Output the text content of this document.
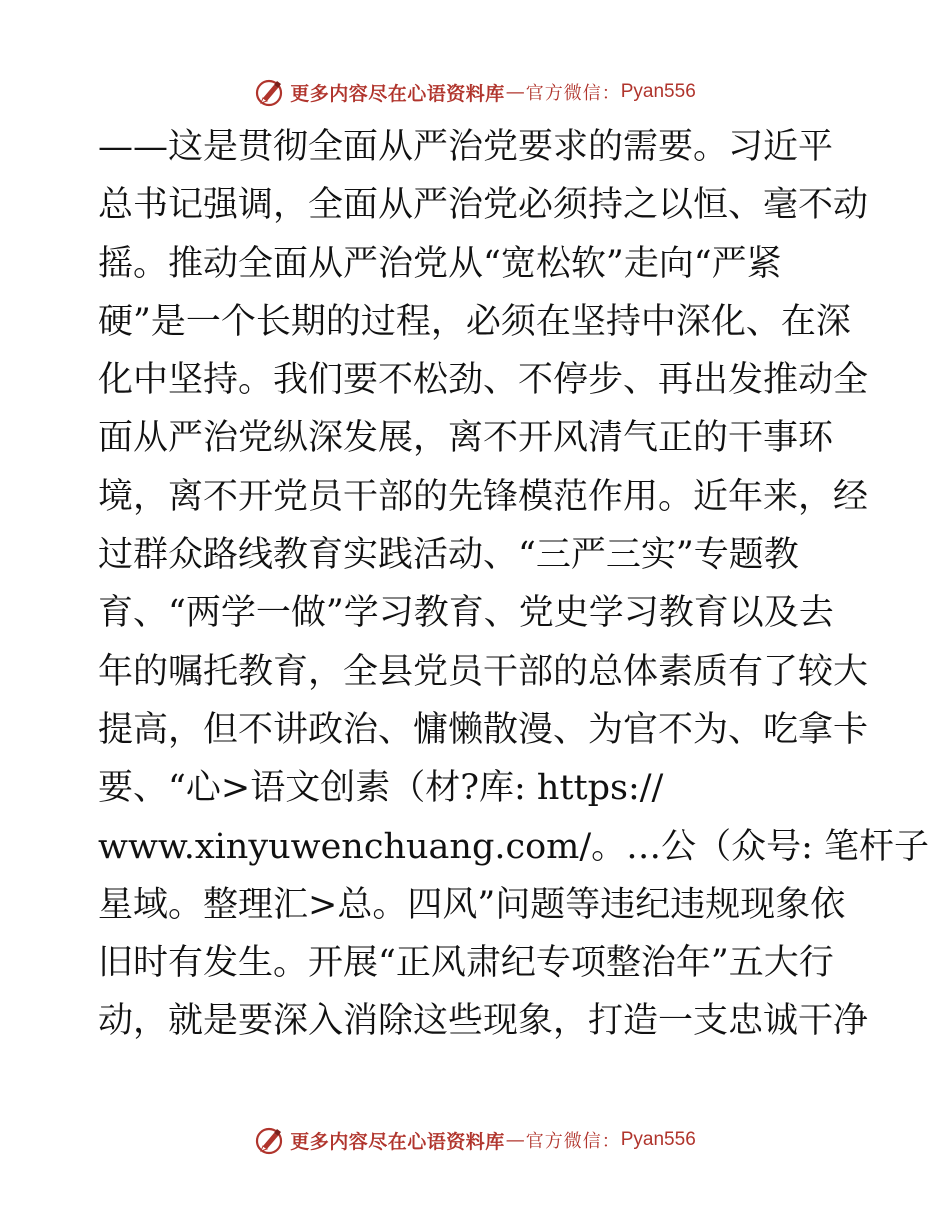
更多内容尽在心语资料库 — 官方微信： Pyan556
——这是贯彻全面从严治党要求的需要。习近平
总书记强调，全面从严治党必须持之以恒、毫不动
摇。推动全面从严治党从“宽松软”走向“严紧
硬”是一个长期的过程，必须在坚持中深化、在深
化中坚持。我们要不松劲、不停步、再出发推动全
面从严治党纵深发展，离不开风清气正的干事环
境，离不开党员干部的先锋模范作用。近年来，经
过群众路线教育实践活动、“三严三实”专题教
育、“两学一做”学习教育、党史学习教育以及去
年的嘱托教育，全县党员干部的总体素质有了较大
提高，但不讲政治、慵懒散漫、为官不为、吃拿卡
要、“心>语文创素（材?库: https://
www.xinyuwenchuang.com/。…公（众号: 笔杆子
星域。整理汇>总。四风”问题等违纪违规现象依
旧时有发生。开展“正风肃纪专项整治年”五大行
动，就是要深入消除这些现象，打造一支忠诚干净
更多内容尽在心语资料库 — 官方微信： Pyan556
